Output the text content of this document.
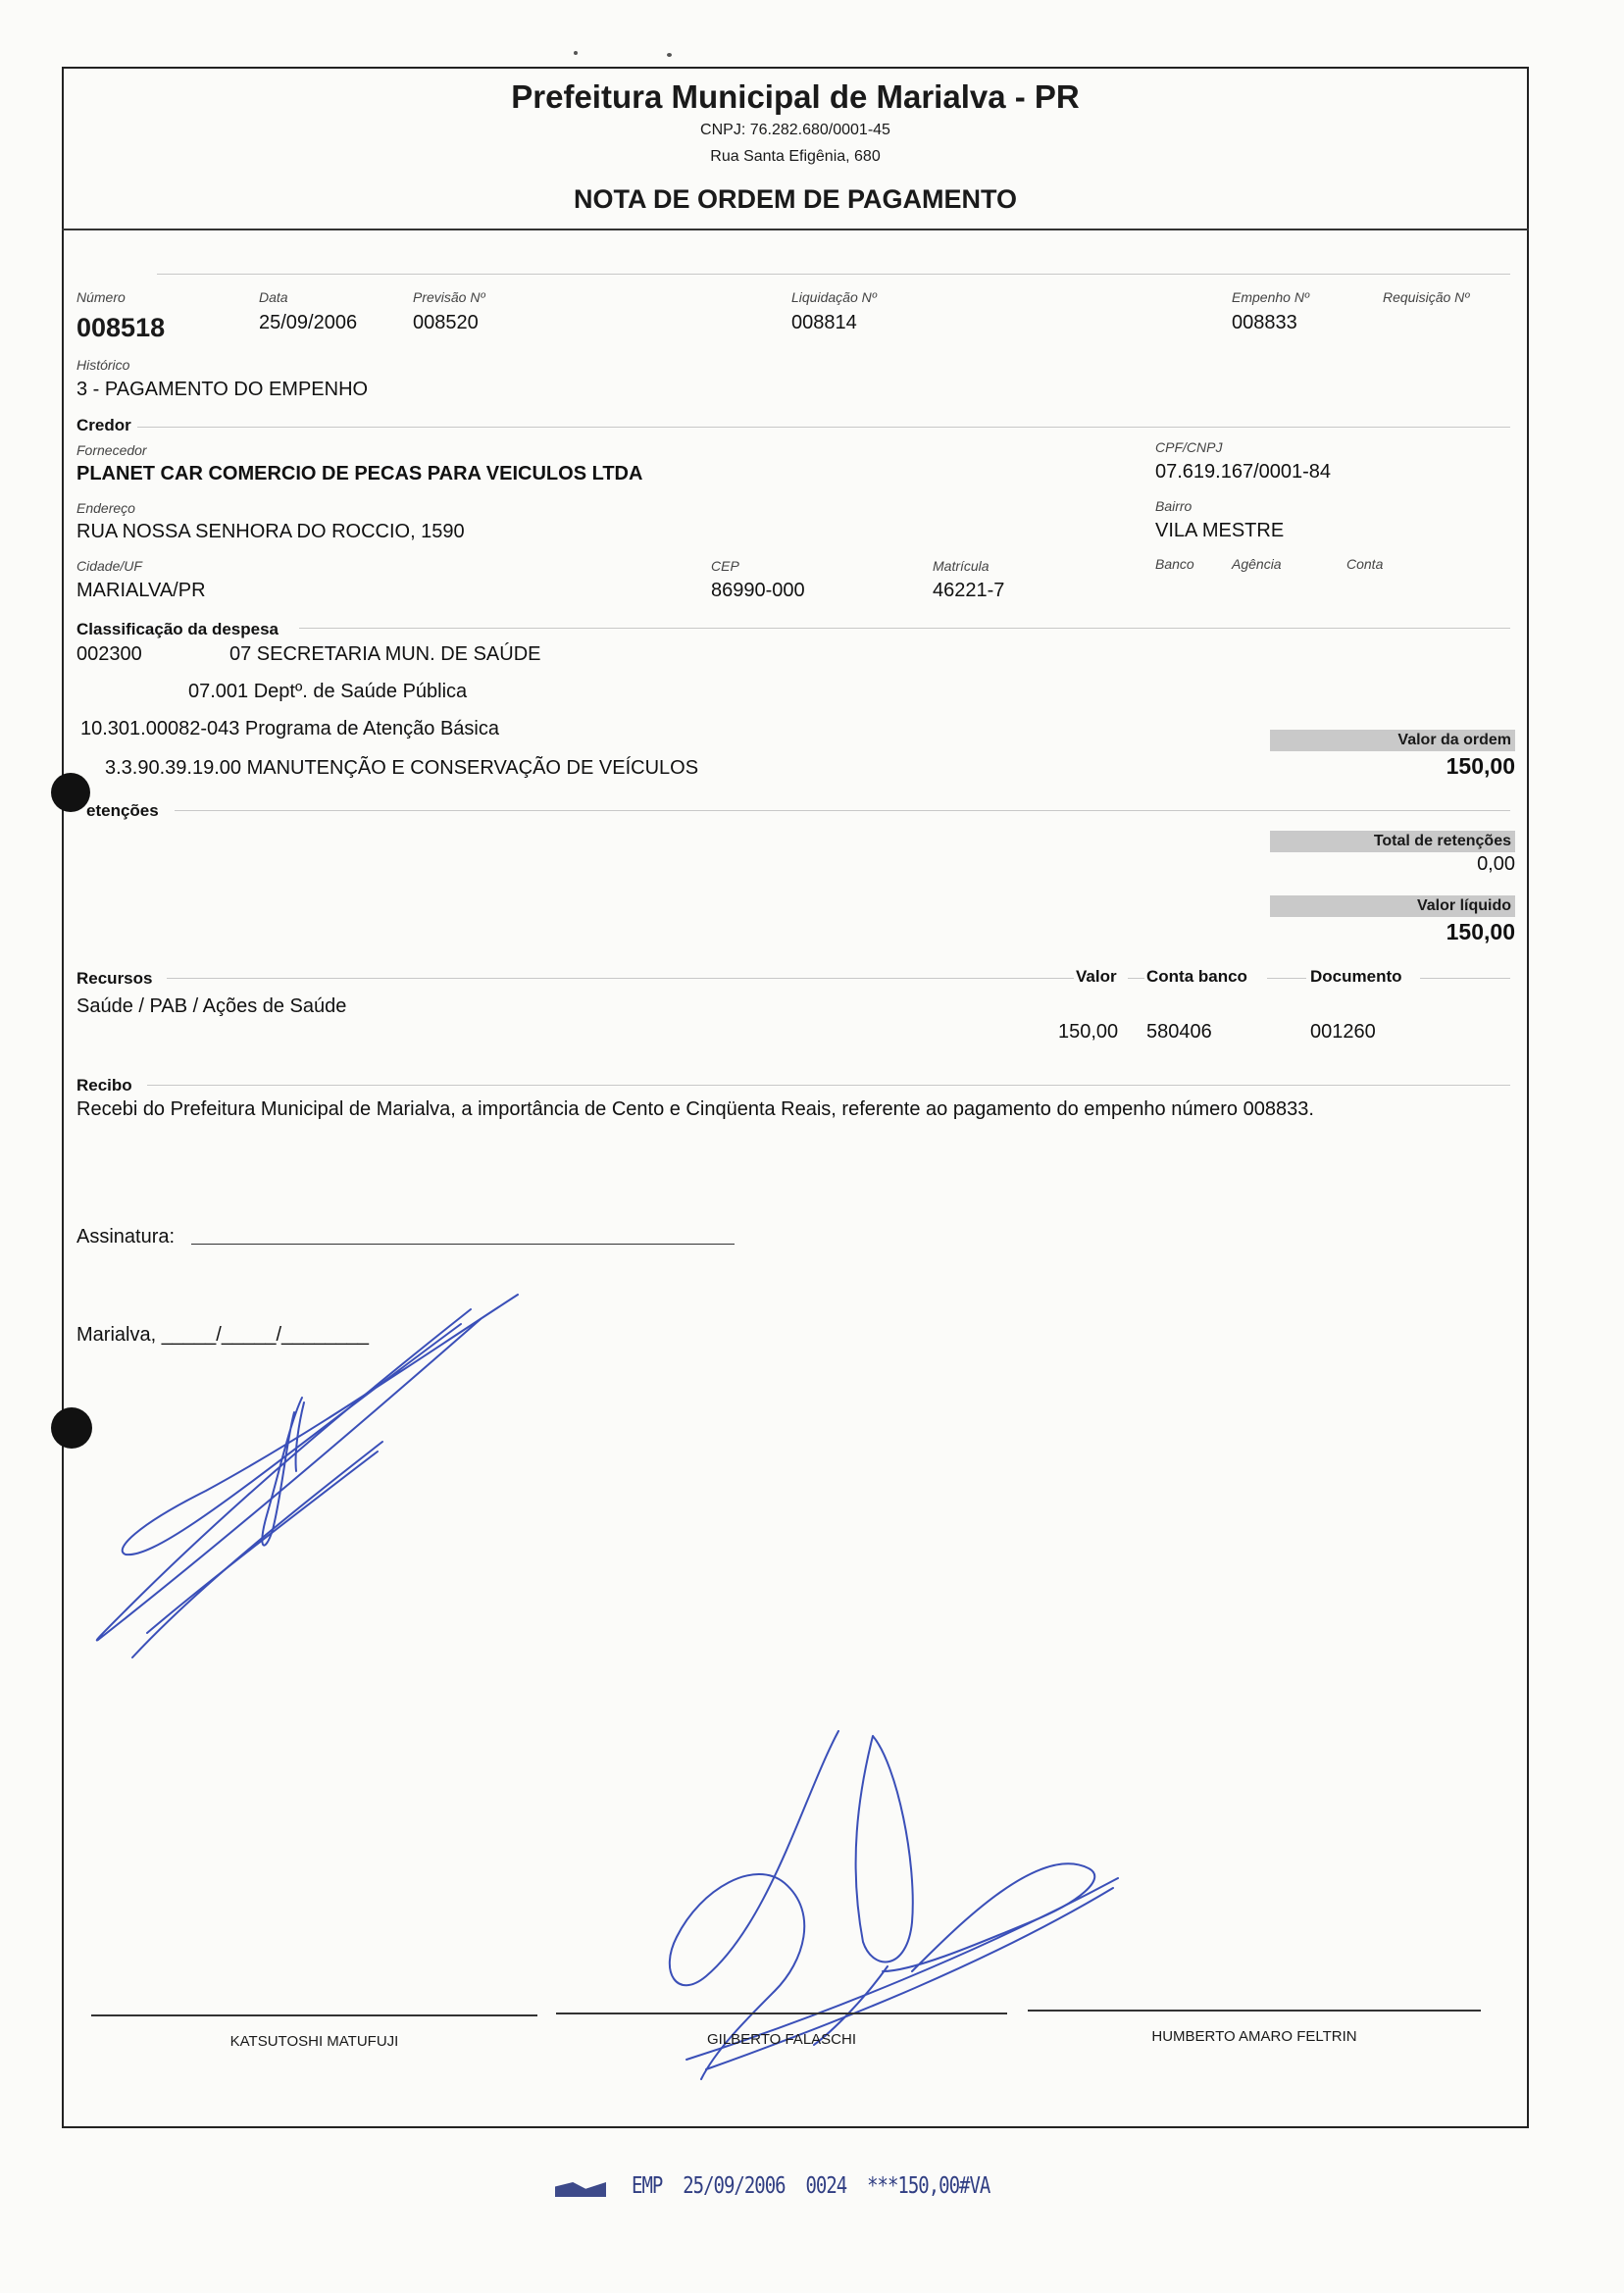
Prefeitura Municipal de Marialva - PR
CNPJ: 76.282.680/0001-45
Rua Santa Efigênia, 680
NOTA DE ORDEM DE PAGAMENTO
Número
008518
Data
25/09/2006
Previsão Nº
008520
Liquidação Nº
008814
Empenho Nº
008833
Requisição Nº
Histórico
3 - PAGAMENTO DO EMPENHO
Credor
Fornecedor
PLANET CAR COMERCIO DE PECAS PARA VEICULOS LTDA
CPF/CNPJ
07.619.167/0001-84
Endereço
RUA NOSSA SENHORA DO ROCCIO, 1590
Bairro
VILA MESTRE
Cidade/UF
MARIALVA/PR
CEP
86990-000
Matrícula
46221-7
Banco	Agência	Conta
Classificação da despesa
002300	07 SECRETARIA MUN. DE SAÚDE
07.001 Deptº. de Saúde Pública
10.301.00082-043 Programa de Atenção Básica
3.3.90.39.19.00 MANUTENÇÃO E CONSERVAÇÃO DE VEÍCULOS
Valor da ordem
150,00
etenções
Total de retenções
0,00
Valor líquido
150,00
Recursos	Valor Conta banco	Documento
Saúde / PAB / Ações de Saúde
150,00 580406	001260
Recibo
Recebi do Prefeitura Municipal de Marialva, a importância de Cento e Cinqüenta Reais, referente ao pagamento do empenho número 008833.
Assinatura:
Marialva, _____/_____/________
KATSUTOSHI MATUFUJI	GILBERTO FALASCHI	HUMBERTO AMARO FELTRIN
EMP  25/09/2006  0024  ***150,00#VA
